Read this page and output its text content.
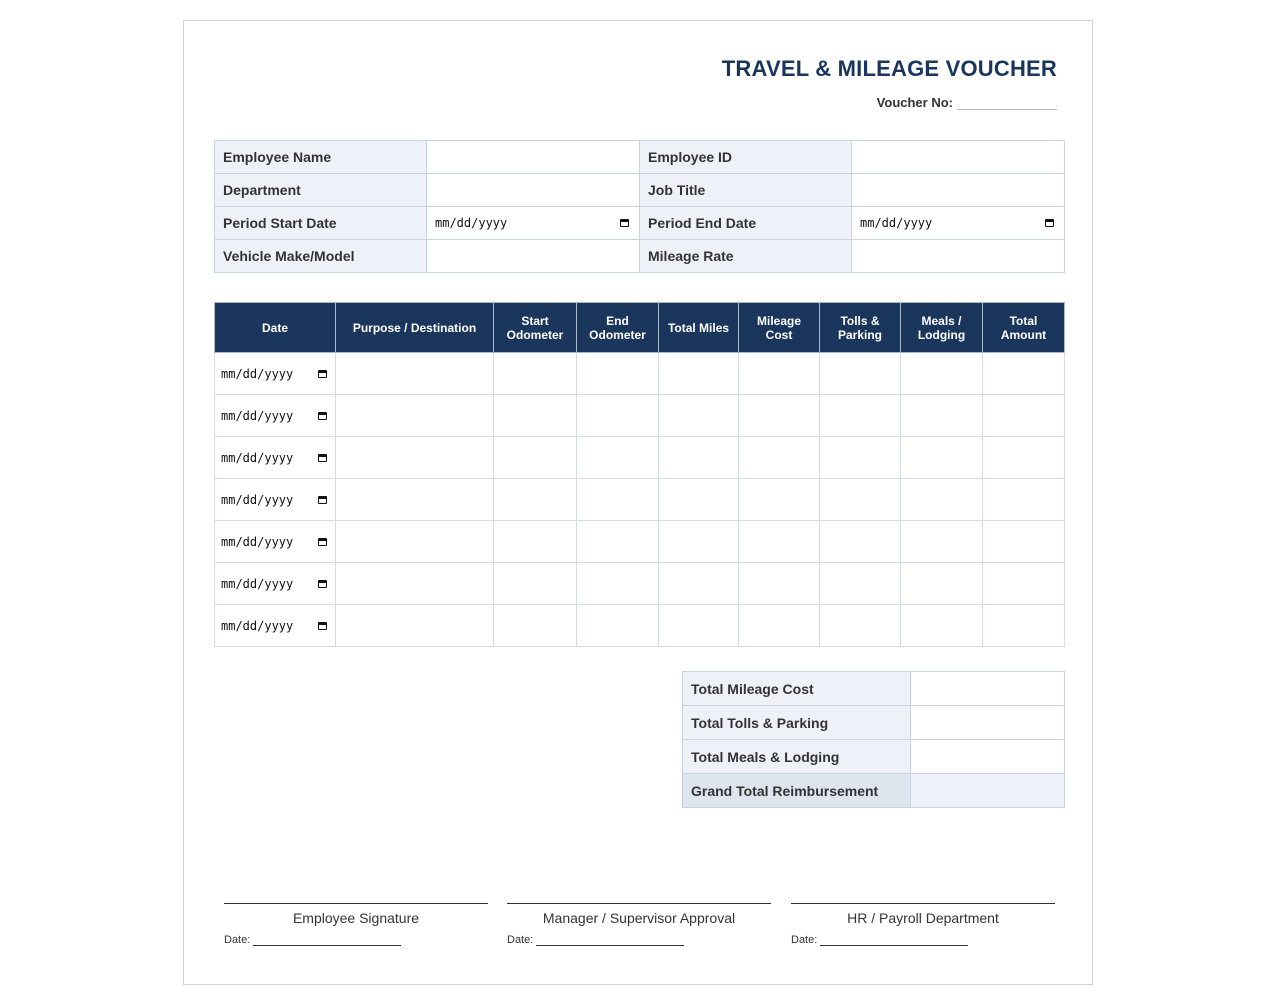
TRAVEL & MILEAGE VOUCHER
Voucher No:
Employee Name		Employee ID	
Department		Job Title	
Period Start Date	mm/dd/yyyy	Period End Date	mm/dd/yyyy

Vehicle Make/Model		Mileage Rate	
Date	Purpose / Destination	Start Odometer	End Odometer	Total Miles	Mileage Cost	Tolls & Parking	Meals / Lodging	Total Amount

mm/dd/yyyy								

mm/dd/yyyy								

mm/dd/yyyy								

mm/dd/yyyy								

mm/dd/yyyy								

mm/dd/yyyy								

mm/dd/yyyy								

Total Mileage Cost	
Total Tolls & Parking	
Total Meals & Lodging	
Grand Total Reimbursement	
Employee Signature
Date:
Manager / Supervisor Approval
Date:
HR / Payroll Department
Date:
